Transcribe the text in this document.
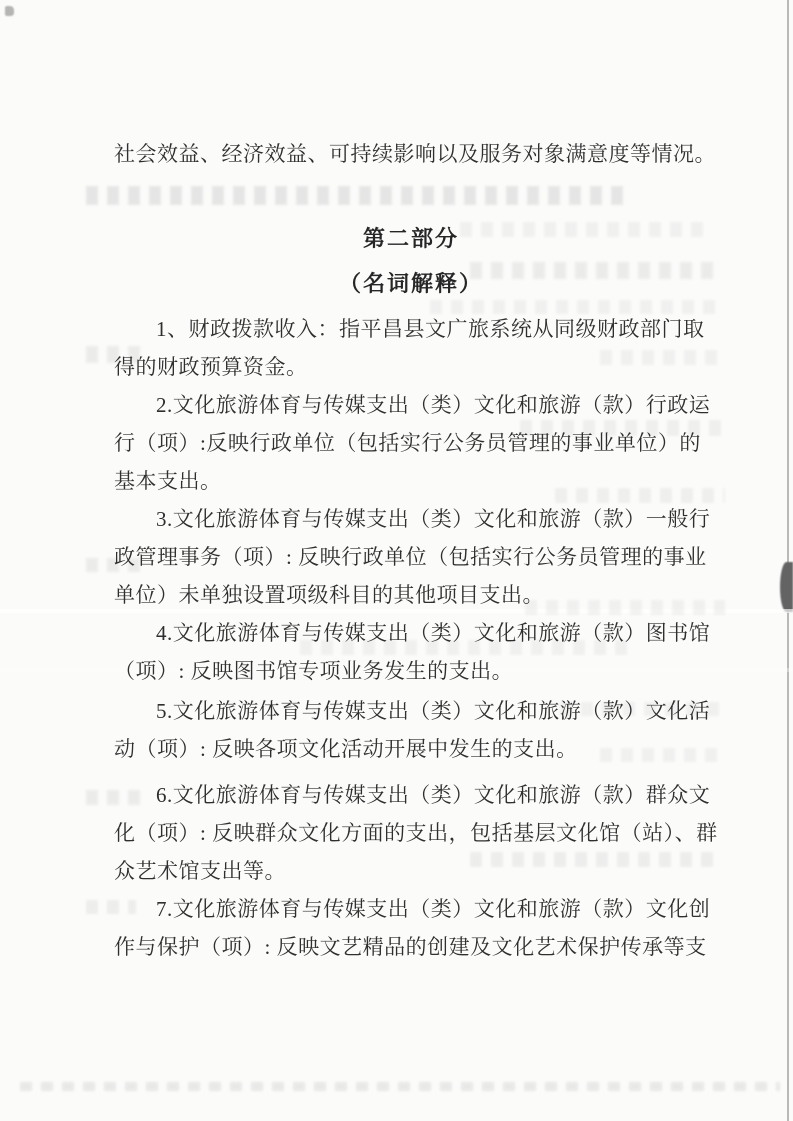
社会效益、经济效益、可持续影响以及服务对象满意度等情况。
第二部分
（名词解释）
1、财政拨款收入：指平昌县文广旅系统从同级财政部门取
得的财政预算资金。
2.文化旅游体育与传媒支出（类）文化和旅游（款）行政运
行（项）:反映行政单位（包括实行公务员管理的事业单位）的
基本支出。
3.文化旅游体育与传媒支出（类）文化和旅游（款）一般行
政管理事务（项）: 反映行政单位（包括实行公务员管理的事业
单位）未单独设置项级科目的其他项目支出。
4.文化旅游体育与传媒支出（类）文化和旅游（款）图书馆
（项）: 反映图书馆专项业务发生的支出。
5.文化旅游体育与传媒支出（类）文化和旅游（款）文化活
动（项）: 反映各项文化活动开展中发生的支出。
6.文化旅游体育与传媒支出（类）文化和旅游（款）群众文
化（项）: 反映群众文化方面的支出，包括基层文化馆（站）、群
众艺术馆支出等。
7.文化旅游体育与传媒支出（类）文化和旅游（款）文化创
作与保护（项）: 反映文艺精品的创建及文化艺术保护传承等支
